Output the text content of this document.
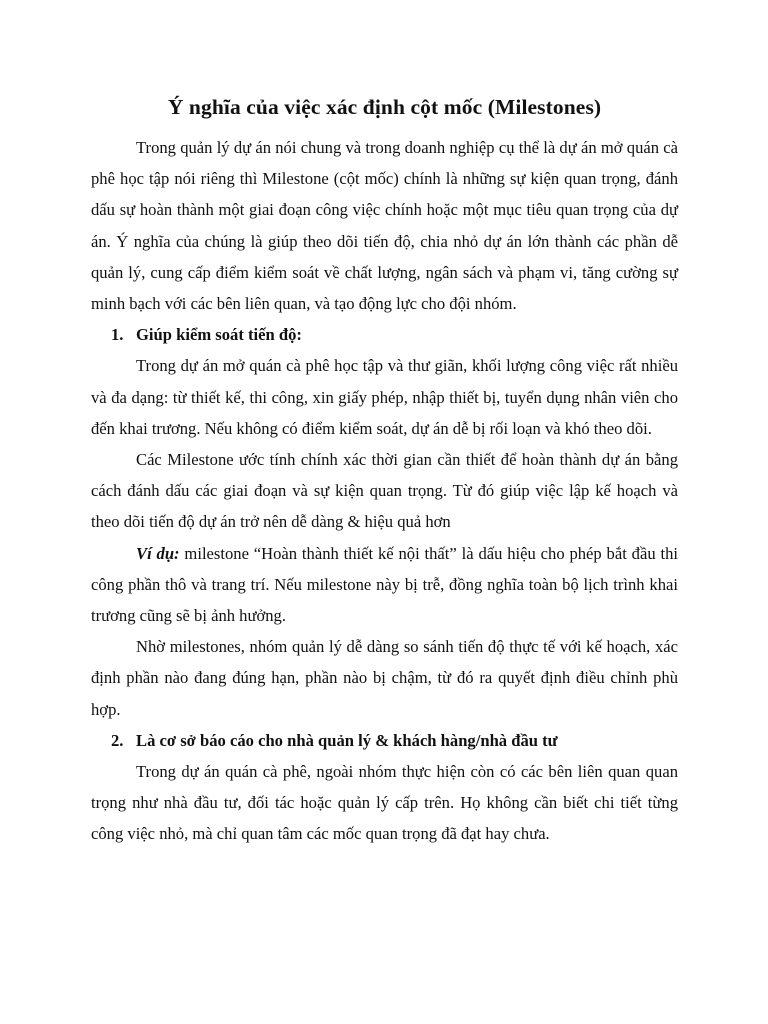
Ý nghĩa của việc xác định cột mốc (Milestones)

Trong quản lý dự án nói chung và trong doanh nghiệp cụ thể là dự án mở quán cà phê học tập nói riêng thì Milestone (cột mốc) chính là những sự kiện quan trọng, đánh dấu sự hoàn thành một giai đoạn công việc chính hoặc một mục tiêu quan trọng của dự án. Ý nghĩa của chúng là giúp theo dõi tiến độ, chia nhỏ dự án lớn thành các phần dễ quản lý, cung cấp điểm kiểm soát về chất lượng, ngân sách và phạm vi, tăng cường sự minh bạch với các bên liên quan, và tạo động lực cho đội nhóm.

1. Giúp kiểm soát tiến độ:

Trong dự án mở quán cà phê học tập và thư giãn, khối lượng công việc rất nhiều và đa dạng: từ thiết kế, thi công, xin giấy phép, nhập thiết bị, tuyển dụng nhân viên cho đến khai trương. Nếu không có điểm kiểm soát, dự án dễ bị rối loạn và khó theo dõi.

Các Milestone ước tính chính xác thời gian cần thiết để hoàn thành dự án bằng cách đánh dấu các giai đoạn và sự kiện quan trọng. Từ đó giúp việc lập kế hoạch và theo dõi tiến độ dự án trở nên dễ dàng & hiệu quả hơn

Ví dụ: milestone “Hoàn thành thiết kế nội thất” là dấu hiệu cho phép bắt đầu thi công phần thô và trang trí. Nếu milestone này bị trễ, đồng nghĩa toàn bộ lịch trình khai trương cũng sẽ bị ảnh hưởng.

Nhờ milestones, nhóm quản lý dễ dàng so sánh tiến độ thực tế với kế hoạch, xác định phần nào đang đúng hạn, phần nào bị chậm, từ đó ra quyết định điều chỉnh phù hợp.

2. Là cơ sở báo cáo cho nhà quản lý & khách hàng/nhà đầu tư

Trong dự án quán cà phê, ngoài nhóm thực hiện còn có các bên liên quan quan trọng như nhà đầu tư, đối tác hoặc quản lý cấp trên. Họ không cần biết chi tiết từng công việc nhỏ, mà chỉ quan tâm các mốc quan trọng đã đạt hay chưa.
